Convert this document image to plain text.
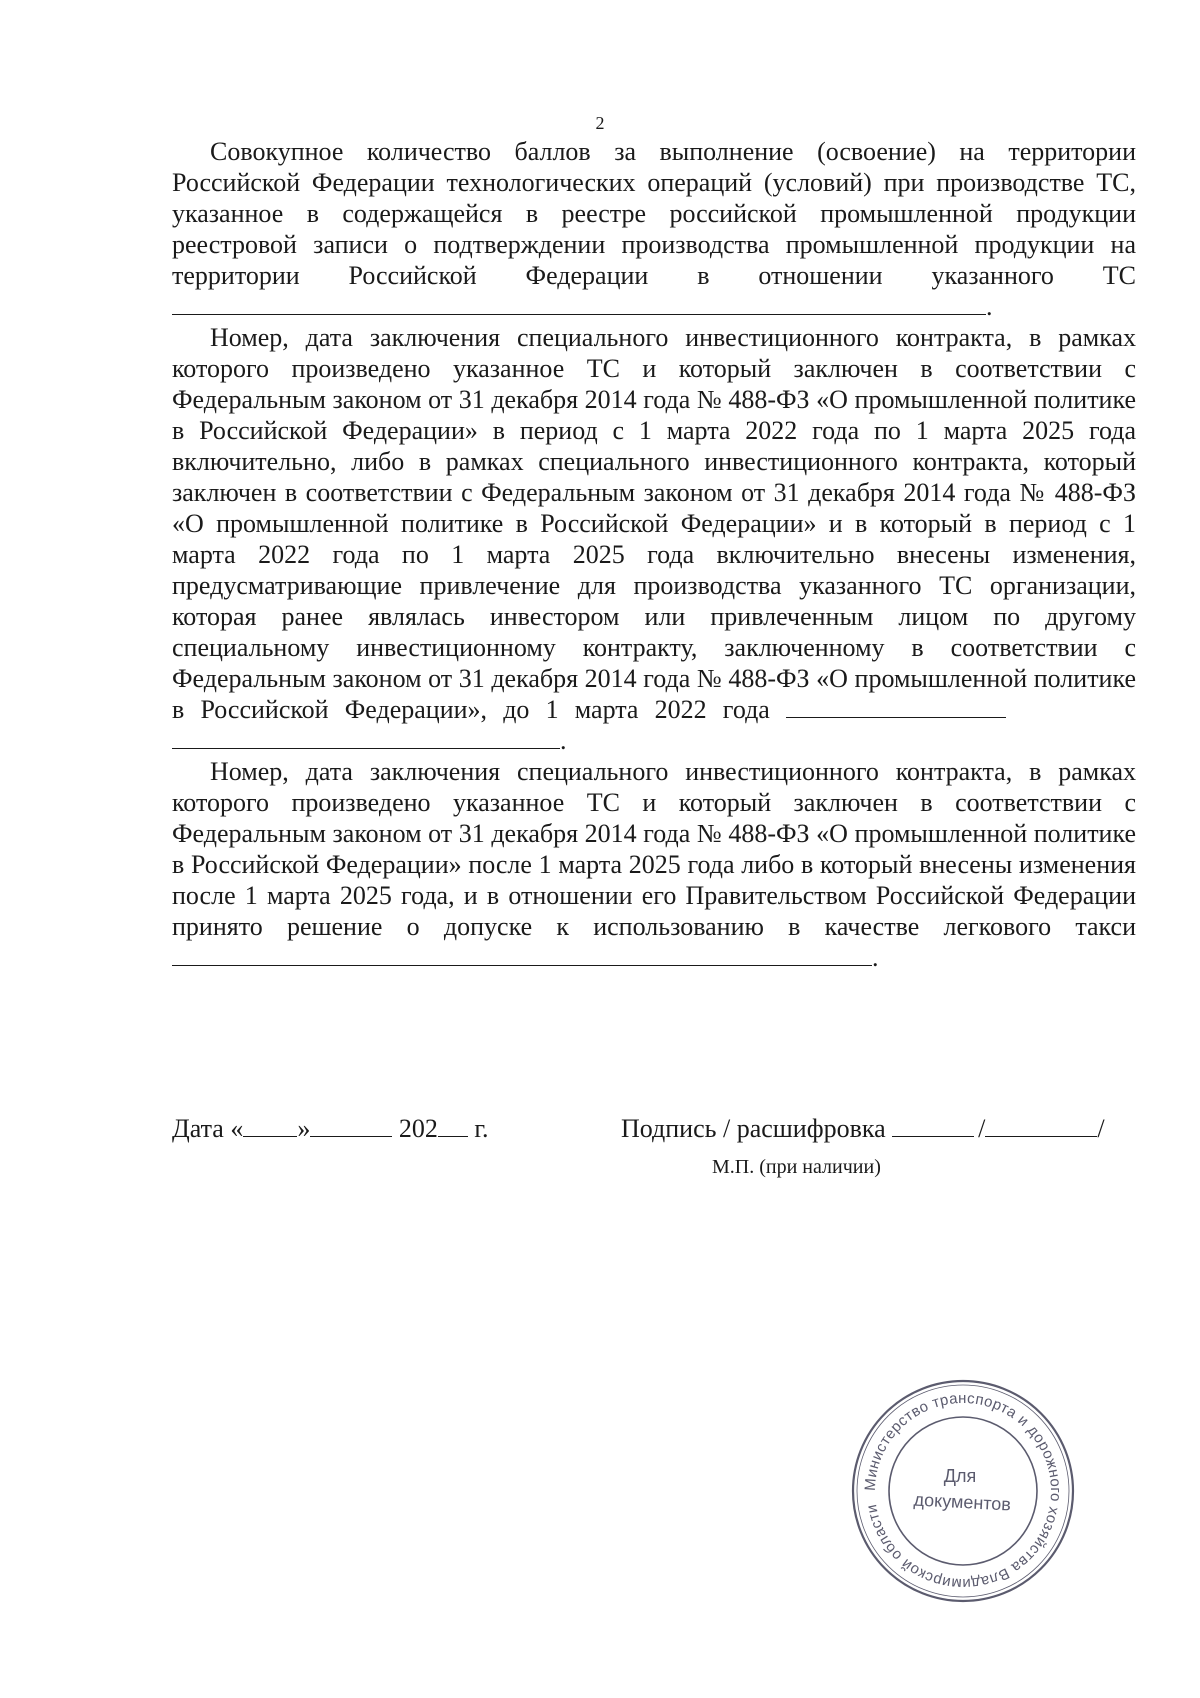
2

Совокупное количество баллов за выполнение (освоение) на территории Российской Федерации технологических операций (условий) при производстве ТС, указанное в содержащейся в реестре российской промышленной продукции реестровой записи о подтверждении производства промышленной продукции на территории Российской Федерации в отношении указанного ТС.

Номер, дата заключения специального инвестиционного контракта, в рамках которого произведено указанное ТС и который заключен в соответствии с Федеральным законом от 31 декабря 2014 года № 488-ФЗ «О промышленной политике в Российской Федерации» в период с 1 марта 2022 года по 1 марта 2025 года включительно, либо в рамках специального инвестиционного контракта, который заключен в соответствии с Федеральным законом от 31 декабря 2014 года № 488-ФЗ «О промышленной политике в Российской Федерации» и в который в период с 1 марта 2022 года по 1 марта 2025 года включительно внесены изменения, предусматривающие привлечение для производства указанного ТС организации, которая ранее являлась инвестором или привлеченным лицом по другому специальному инвестиционному контракту, заключенному в соответствии с Федеральным законом от 31 декабря 2014 года № 488-ФЗ «О промышленной политике в Российской Федерации», до 1 марта 2022 года .

Номер, дата заключения специального инвестиционного контракта, в рамках которого произведено указанное ТС и который заключен в соответствии с Федеральным законом от 31 декабря 2014 года № 488-ФЗ «О промышленной политике в Российской Федерации» после 1 марта 2025 года либо в который внесены изменения после 1 марта 2025 года, и в отношении его Правительством Российской Федерации принято решение о допуске к использованию в качестве легкового такси .

Дата « »	202 г.	Подпись / расшифровка	/	/
М.П. (при наличии)
Министерство транспорта и дорожного хозяйства Владимирской области
Для
документов
